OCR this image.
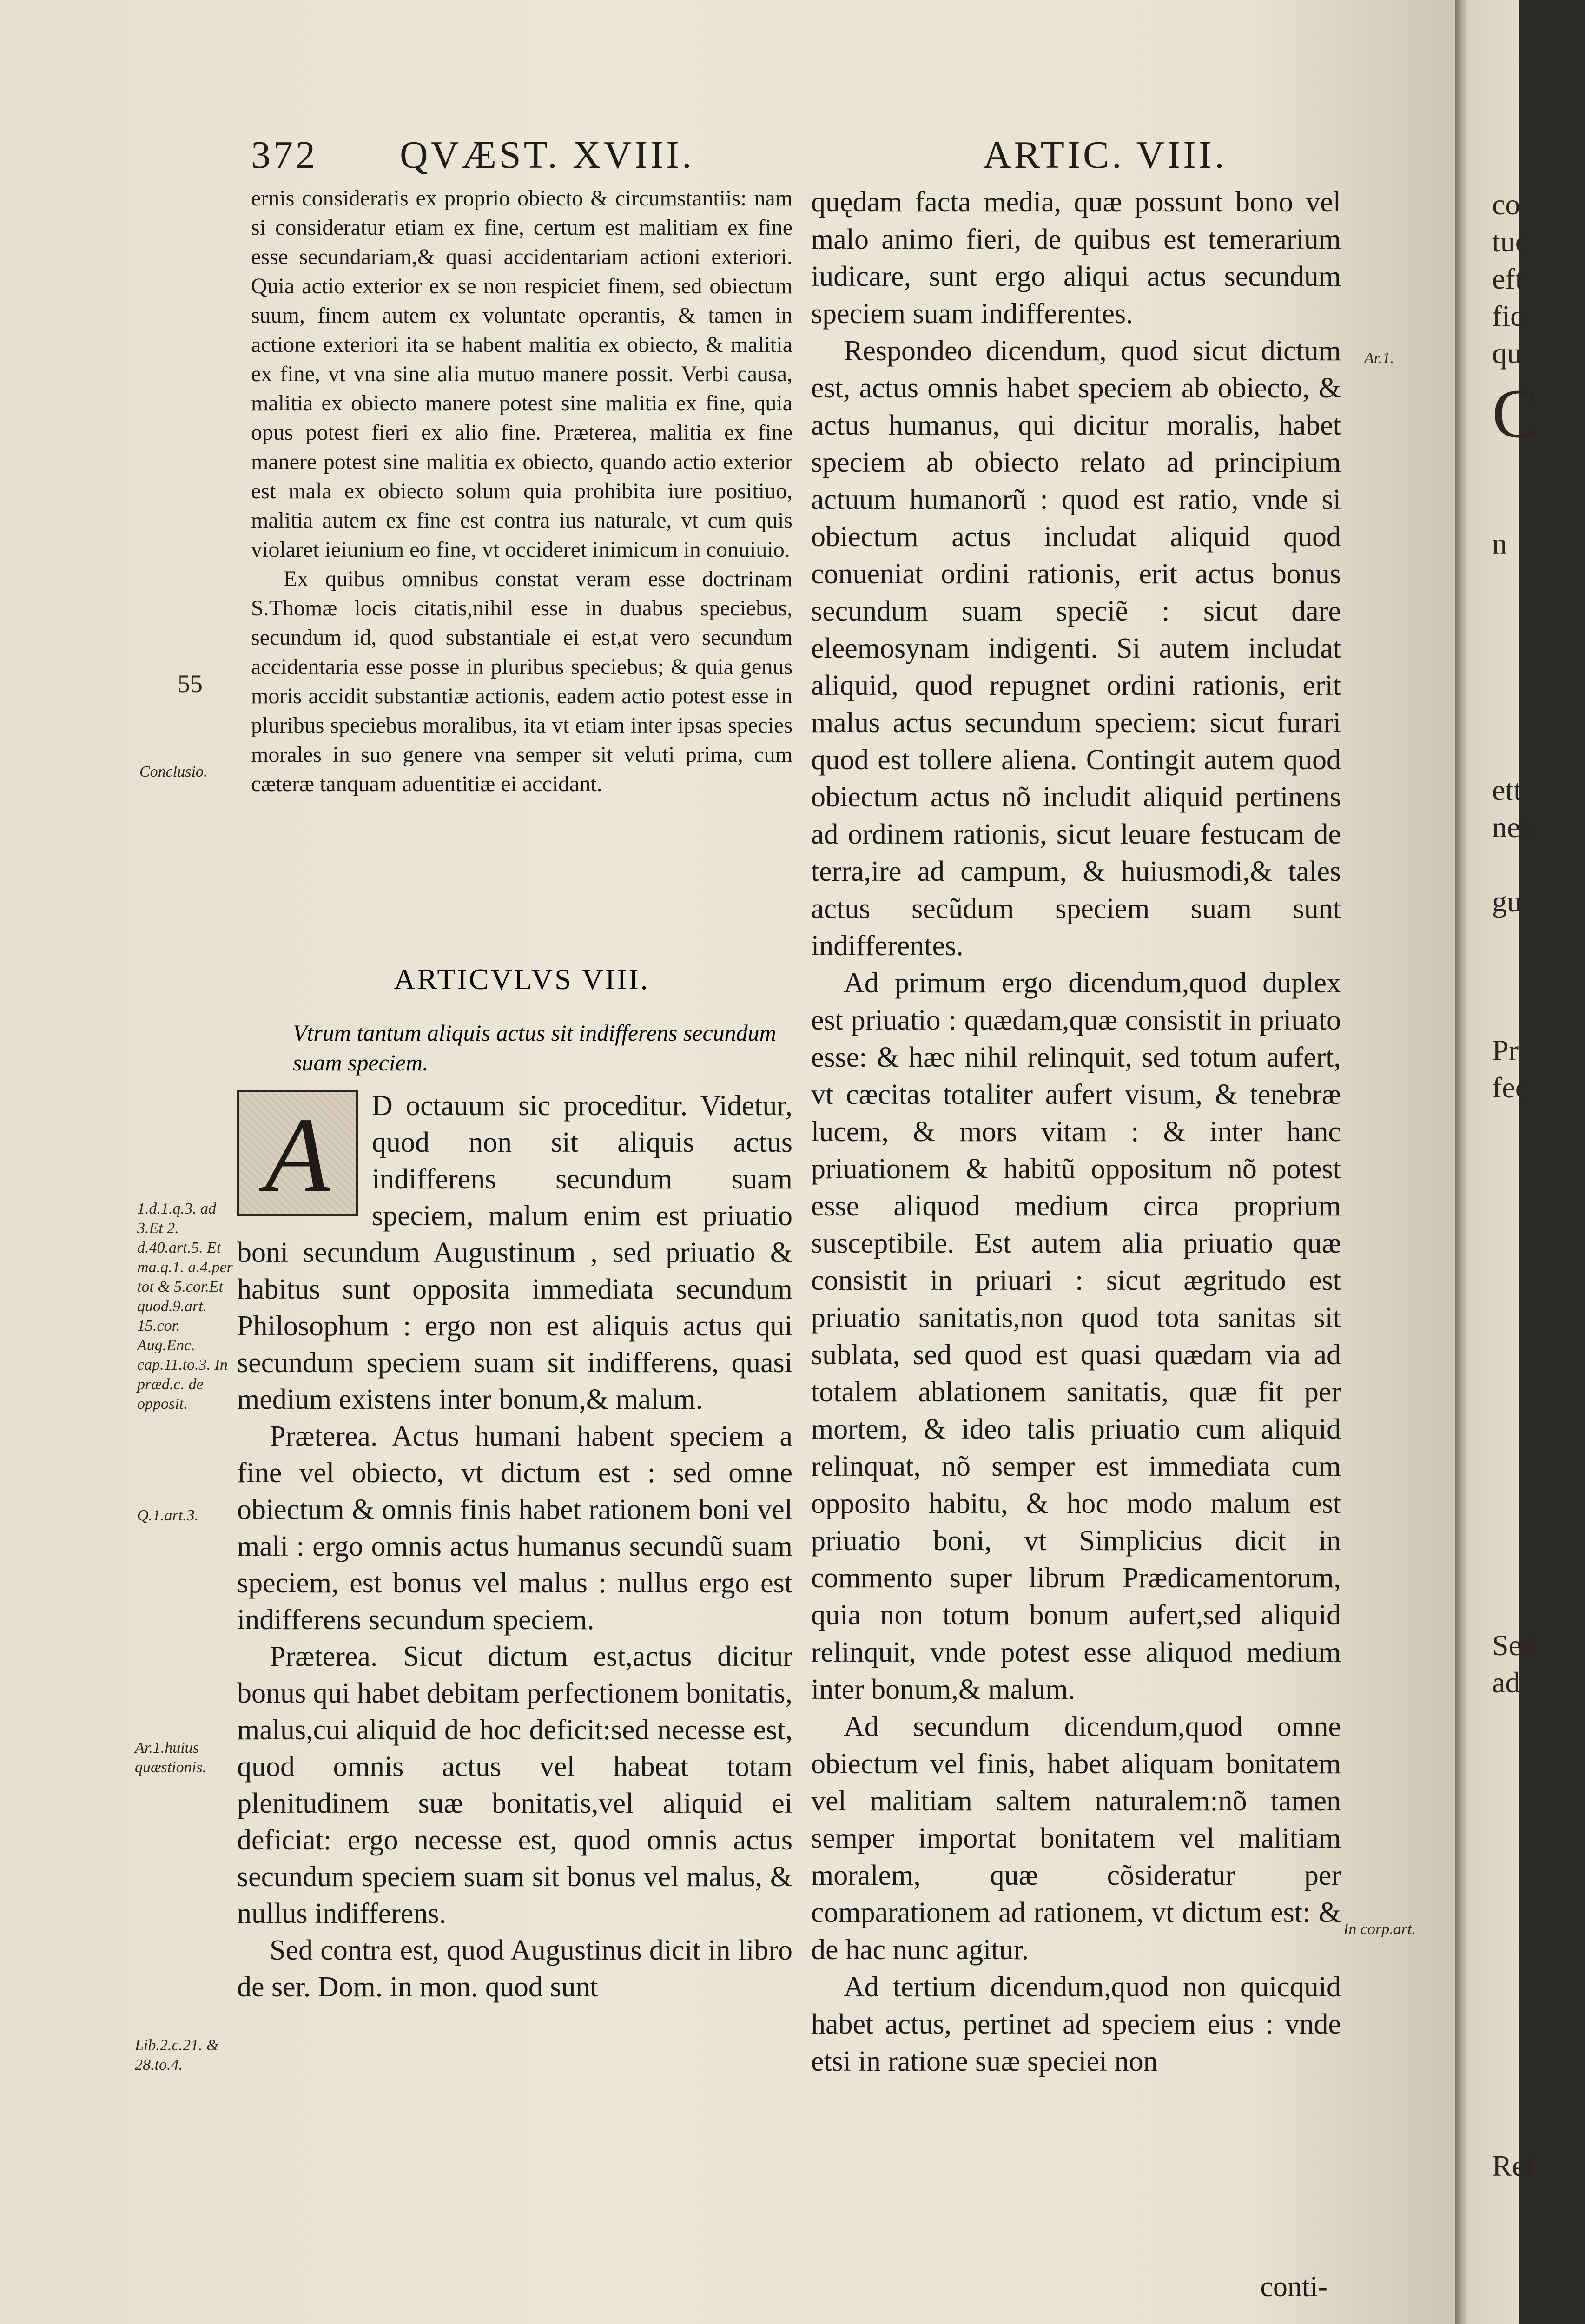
372 QVÆST. XVIII.	ARTIC. VIII.

ernis consideratis ex proprio obiecto & circumstantiis: nam si consideratur etiam ex fine, certum est malitiam ex fine esse secundariam,& quasi accidentariam actioni exteriori. Quia actio exterior ex se non respiciet finem, sed obiectum suum, finem autem ex voluntate operantis, & tamen in actione exteriori ita se habent malitia ex obiecto, & malitia ex fine, vt vna sine alia mutuo manere possit. Verbi causa, malitia ex obiecto manere potest sine malitia ex fine, quia opus potest fieri ex alio fine. Præterea, malitia ex fine manere potest sine malitia ex obiecto, quando actio exterior est mala ex obiecto solum quia prohibita iure positiuo, malitia autem ex fine est contra ius naturale, vt cum quis violaret ieiunium eo fine, vt occideret inimicum in conuiuio.

Ex quibus omnibus constat veram esse doctrinam S.Thomæ locis citatis,nihil esse in duabus speciebus, secundum id, quod substantiale ei est,at vero secundum accidentaria esse posse in pluribus speciebus; & quia genus moris accidit substantiæ actionis, eadem actio potest esse in pluribus speciebus moralibus, ita vt etiam inter ipsas species morales in suo genere vna semper sit veluti prima, cum cæteræ tanquam aduentitiæ ei accidant.

ARTICVLVS VIII.
Vtrum tantum aliquis actus sit indifferens secundum suam speciem.
A	D octauum sic proceditur. Videtur, quod non sit aliquis actus indifferens secundum suam speciem, malum enim est priuatio boni secundum Augustinum , sed priuatio & habitus sunt opposita immediata secundum Philosophum : ergo non est aliquis actus qui secundum speciem suam sit indifferens, quasi medium existens inter bonum,& malum.

Præterea. Actus humani habent speciem a fine vel obiecto, vt dictum est : sed omne obiectum & omnis finis habet rationem boni vel mali : ergo omnis actus humanus secundũ suam speciem, est bonus vel malus : nullus ergo est indifferens secundum speciem.

Præterea. Sicut dictum est,actus dicitur bonus qui habet debitam perfectionem bonitatis, malus,cui aliquid de hoc deficit:sed necesse est, quod omnis actus vel habeat totam plenitudinem suæ bonitatis,vel aliquid ei deficiat: ergo necesse est, quod omnis actus secundum speciem suam sit bonus vel malus, & nullus indifferens.

Sed contra est, quod Augustinus dicit in libro de ser. Dom. in mon. quod sunt

quędam facta media, quæ possunt bono vel malo animo fieri, de quibus est temerarium iudicare, sunt ergo aliqui actus secundum speciem suam indifferentes.

Respondeo dicendum, quod sicut dictum est, actus omnis habet speciem ab obiecto, & actus humanus, qui dicitur moralis, habet speciem ab obiecto relato ad principium actuum humanorũ : quod est ratio, vnde si obiectum actus includat aliquid quod conueniat ordini rationis, erit actus bonus secundum suam speciẽ : sicut dare eleemosynam indigenti. Si autem includat aliquid, quod repugnet ordini rationis, erit malus actus secundum speciem: sicut furari quod est tollere aliena. Contingit autem quod obiectum actus nõ includit aliquid pertinens ad ordinem rationis, sicut leuare festucam de terra,ire ad campum, & huiusmodi,& tales actus secũdum speciem suam sunt indifferentes.

Ad primum ergo dicendum,quod duplex est priuatio : quædam,quæ consistit in priuato esse: & hæc nihil relinquit, sed totum aufert, vt cæcitas totaliter aufert visum, & tenebræ lucem, & mors vitam : & inter hanc priuationem & habitũ oppositum nõ potest esse aliquod medium circa proprium susceptibile. Est autem alia priuatio quæ consistit in priuari : sicut ægritudo est priuatio sanitatis,non quod tota sanitas sit sublata, sed quod est quasi quædam via ad totalem ablationem sanitatis, quæ fit per mortem, & ideo talis priuatio cum aliquid relinquat, nõ semper est immediata cum opposito habitu, & hoc modo malum est priuatio boni, vt Simplicius dicit in commento super librum Prædicamentorum, quia non totum bonum aufert,sed aliquid relinquit, vnde potest esse aliquod medium inter bonum,& malum.

Ad secundum dicendum,quod omne obiectum vel finis, habet aliquam bonitatem vel malitiam saltem naturalem:nõ tamen semper importat bonitatem vel malitiam moralem, quæ cõsideratur per comparationem ad rationem, vt dictum est: & de hac nunc agitur.

Ad tertium dicendum,quod non quicquid habet actus, pertinet ad speciem eius : vnde etsi in ratione suæ speciei non

conti-
55
Conclusio.
1.d.1.q.3. ad 3.Et 2. d.40.art.5. Et ma.q.1. a.4.per tot & 5.cor.Et quod.9.art. 15.cor. Aug.Enc. cap.11.to.3. In præd.c. de opposit.
Q.1.art.3.
Ar.1.huius quæstionis.
Lib.2.c.21. & 28.to.4.
Ar.1.
In corp.art.
co
tuc
eft
fic
qu
C
n
ett
nes
gu
Pr
fec
Sed
ad
Ref
